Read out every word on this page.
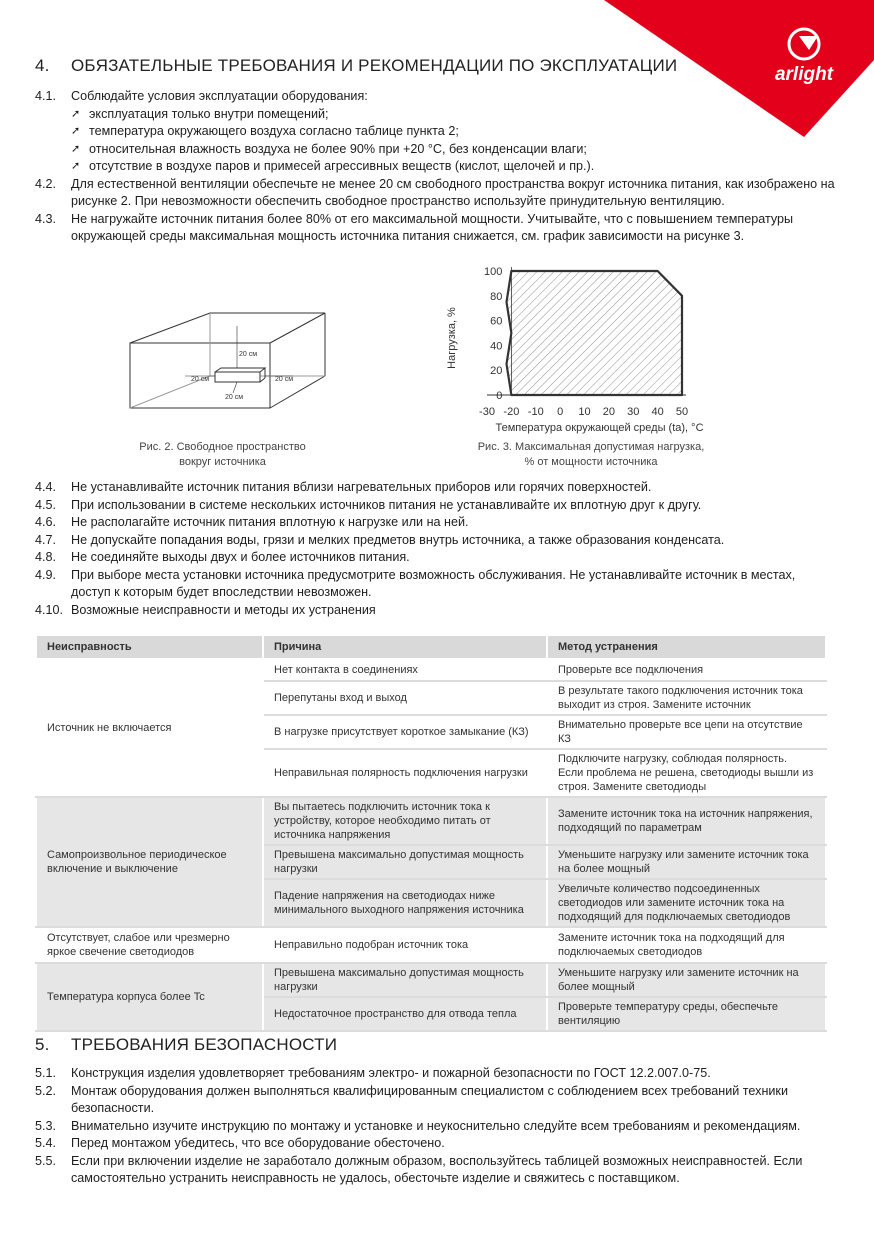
arlight
4. ОБЯЗАТЕЛЬНЫЕ ТРЕБОВАНИЯ И РЕКОМЕНДАЦИИ ПО ЭКСПЛУАТАЦИИ
4.1.	Соблюдайте условия эксплуатации оборудования:
➚ эксплуатация только внутри помещений;
➚ температура окружающего воздуха согласно таблице пункта 2;
➚ относительная влажность воздуха не более 90% при +20 °C, без конденсации влаги;
➚ отсутствие в воздухе паров и примесей агрессивных веществ (кислот, щелочей и пр.).
4.2.	Для естественной вентиляции обеспечьте не менее 20 см свободного пространства вокруг источника питания, как изображено на рисунке 2. При невозможности обеспечить свободное пространство используйте принудительную вентиляцию.
4.3.	Не нагружайте источник питания более 80% от его максимальной мощности. Учитывайте, что с повышением температуры окружающей среды максимальная мощность источника питания снижается, см. график зависимости на рисунке 3.
20 см
20 см	20 см
20 см
Рис. 2. Свободное пространство
вокруг источника
0
20
40
60
80
100
-30 -20 -10 0 10 20 30 40 50
Температура окружающей среды (ta), °C
Нагрузка, %
Рис. 3. Максимальная допустимая нагрузка,
% от мощности источника
4.4.	Не устанавливайте источник питания вблизи нагревательных приборов или горячих поверхностей.
4.5.	При использовании в системе нескольких источников питания не устанавливайте их вплотную друг к другу.
4.6.	Не располагайте источник питания вплотную к нагрузке или на ней.
4.7.	Не допускайте попадания воды, грязи и мелких предметов внутрь источника, а также образования конденсата.
4.8.	Не соединяйте выходы двух и более источников питания.
4.9.	При выборе места установки источника предусмотрите возможность обслуживания. Не устанавливайте источник в местах, доступ к которым будет впоследствии невозможен.
4.10. Возможные неисправности и методы их устранения
Неисправность	Причина	Метод устранения
Источник не включается	Нет контакта в соединениях	Проверьте все подключения
	Перепутаны вход и выход	В результате такого подключения источник тока выходит из строя. Замените источник
	В нагрузке присутствует короткое замыкание (КЗ)	Внимательно проверьте все цепи на отсутствие КЗ
	Неправильная полярность подключения нагрузки	Подключите нагрузку, соблюдая полярность. Если проблема не решена, светодиоды вышли из строя. Замените светодиоды
Самопроизвольное периодическое включение и выключение	Вы пытаетесь подключить источник тока к устройству, которое необходимо питать от источника напряжения	Замените источник тока на источник напряжения, подходящий по параметрам
	Превышена максимально допустимая мощность нагрузки	Уменьшите нагрузку или замените источник тока на более мощный
	Падение напряжения на светодиодах ниже минимального выходного напряжения источника	Увеличьте количество подсоединенных светодиодов или замените источник тока на подходящий для подключаемых светодиодов
Отсутствует, слабое или чрезмерно яркое свечение светодиодов	Неправильно подобран источник тока	Замените источник тока на подходящий для подключаемых светодиодов
Температура корпуса более Tc	Превышена максимально допустимая мощность нагрузки	Уменьшите нагрузку или замените источник на более мощный
	Недостаточное пространство для отвода тепла	Проверьте температуру среды, обеспечьте вентиляцию
5. ТРЕБОВАНИЯ БЕЗОПАСНОСТИ
5.1.	Конструкция изделия удовлетворяет требованиям электро- и пожарной безопасности по ГОСТ 12.2.007.0-75.
5.2.	Монтаж оборудования должен выполняться квалифицированным специалистом с соблюдением всех требований техники безопасности.
5.3.	Внимательно изучите инструкцию по монтажу и установке и неукоснительно следуйте всем требованиям и рекомендациям.
5.4.	Перед монтажом убедитесь, что все оборудование обесточено.
5.5.	Если при включении изделие не заработало должным образом, воспользуйтесь таблицей возможных неисправностей. Если самостоятельно устранить неисправность не удалось, обесточьте изделие и свяжитесь с поставщиком.
